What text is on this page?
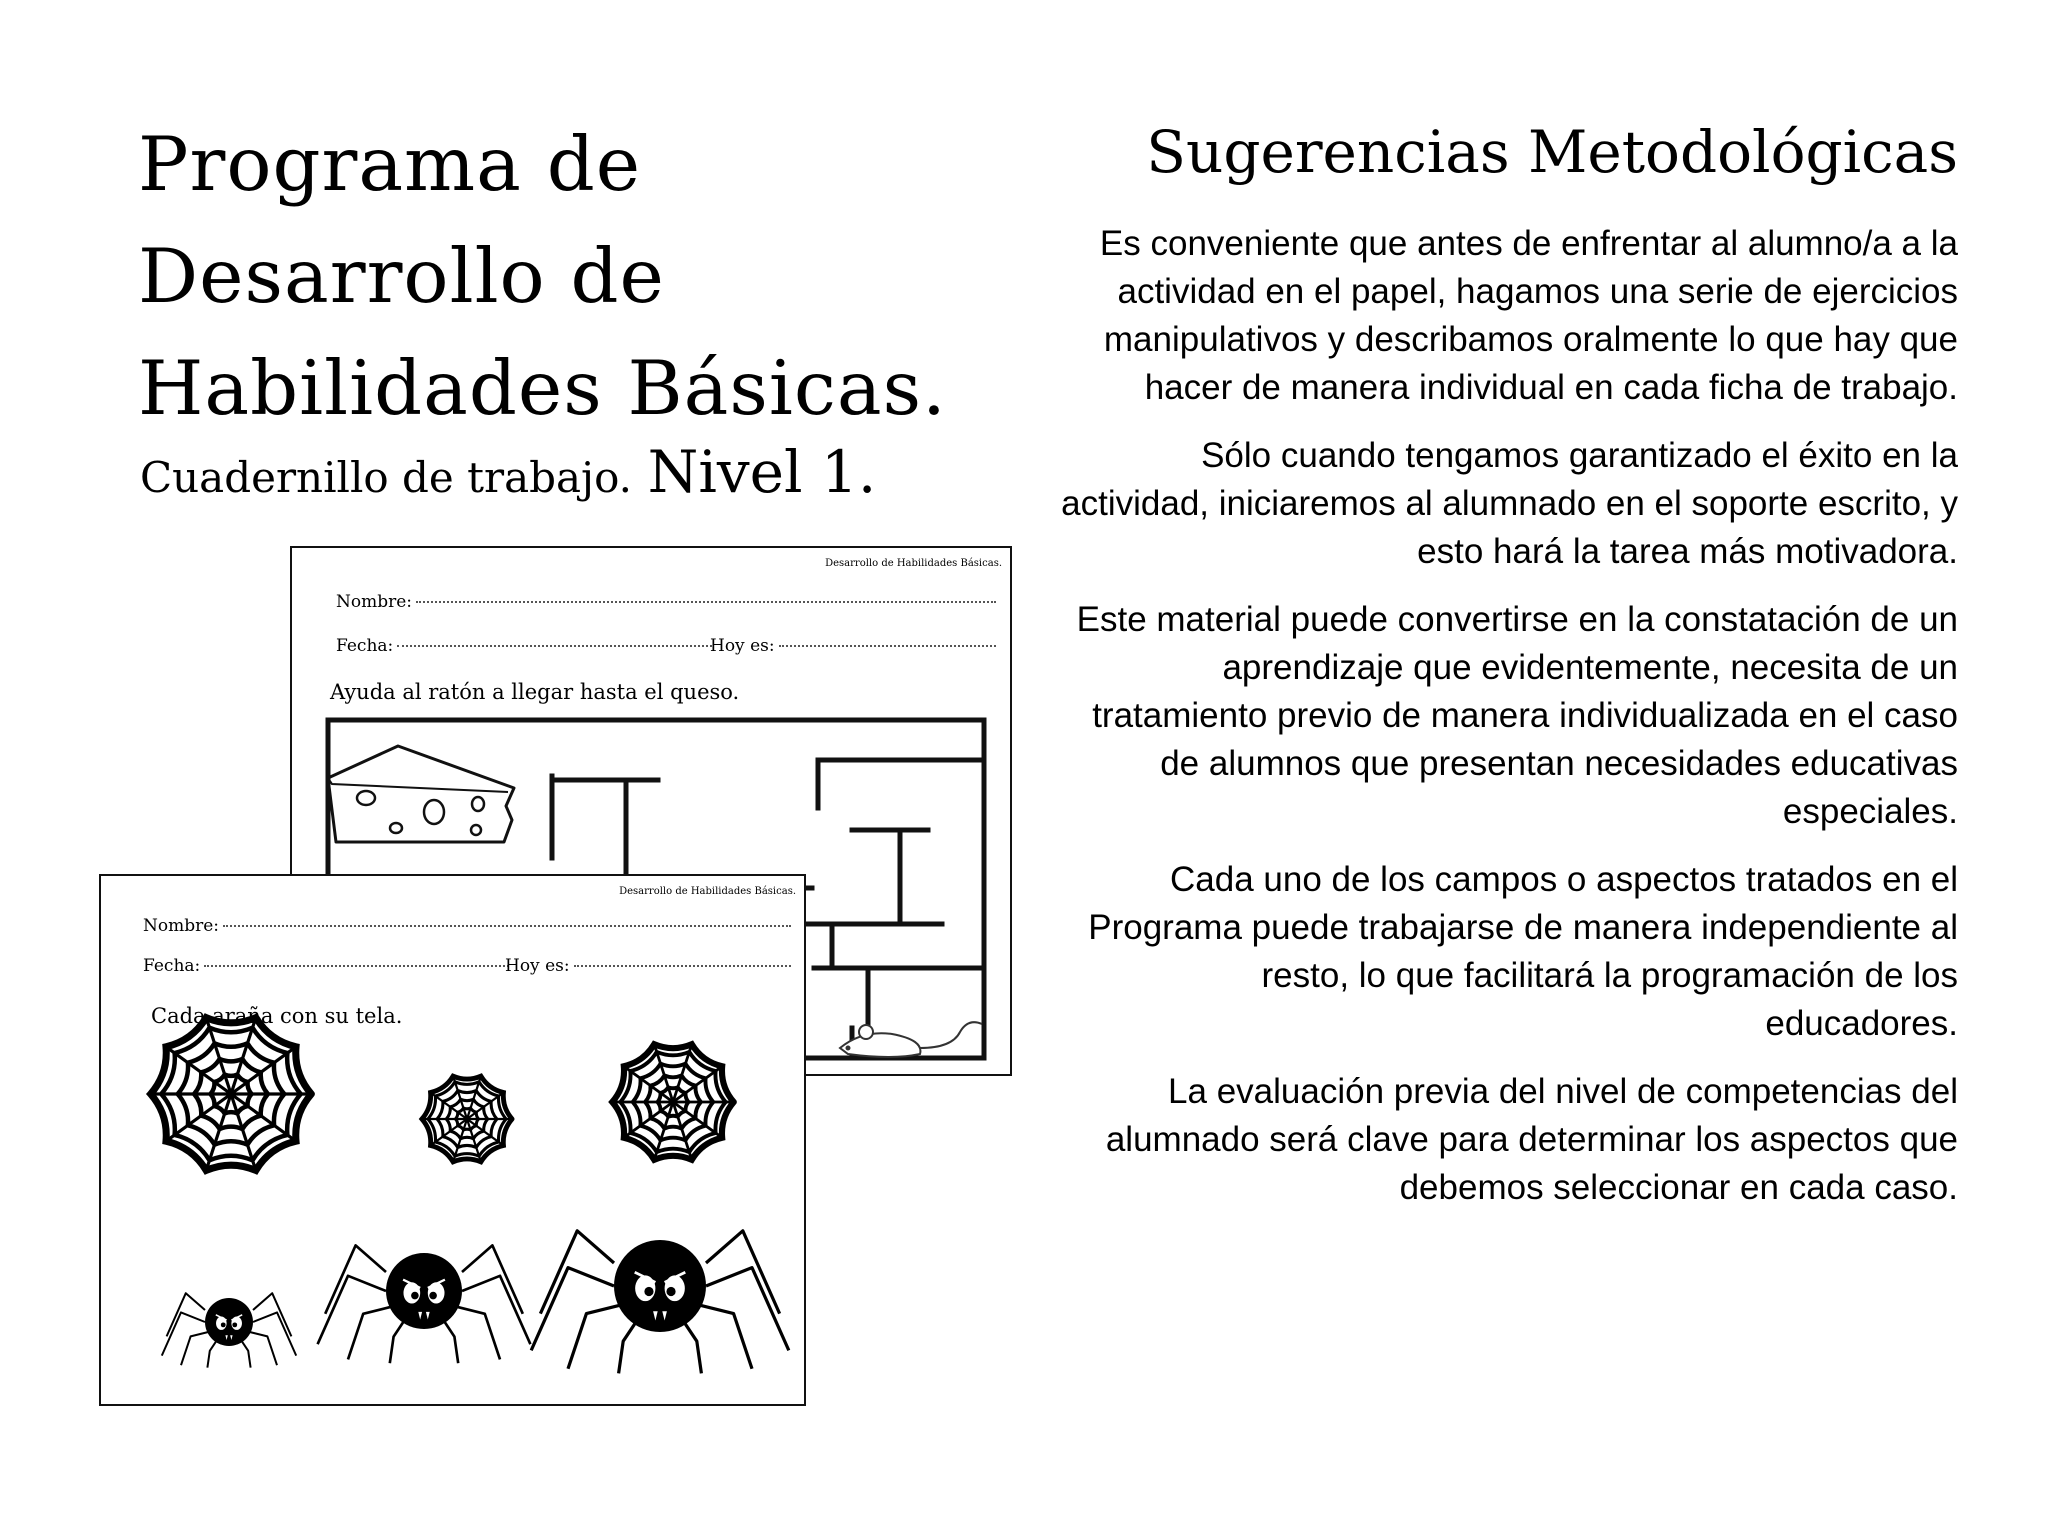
Programa de
Desarrollo de
Habilidades Básicas.
Cuadernillo de trabajo. Nivel 1.
Desarrollo de Habilidades Básicas.
Nombre:
Fecha:	Hoy es:
Ayuda al ratón a llegar hasta el queso.
Desarrollo de Habilidades Básicas.
Nombre:
Fecha:	Hoy es:
Cada araña con su tela.
Sugerencias Metodológicas

Es conveniente que antes de enfrentar al alumno/a a la actividad en el papel, hagamos una serie de ejercicios manipulativos y describamos oralmente lo que hay que hacer de manera individual en cada ficha de trabajo.

Sólo cuando tengamos garantizado el éxito en la actividad, iniciaremos al alumnado en el soporte escrito, y esto hará la tarea más motivadora.

Este material puede convertirse en la constatación de un aprendizaje que evidentemente, necesita de un tratamiento previo de manera individualizada en el caso de alumnos que presentan necesidades educativas especiales.

Cada uno de los campos o aspectos tratados en el Programa puede trabajarse de manera independiente al resto, lo que facilitará la programación de los educadores.

La evaluación previa del nivel de competencias del alumnado será clave para determinar los aspectos que debemos seleccionar en cada caso.
